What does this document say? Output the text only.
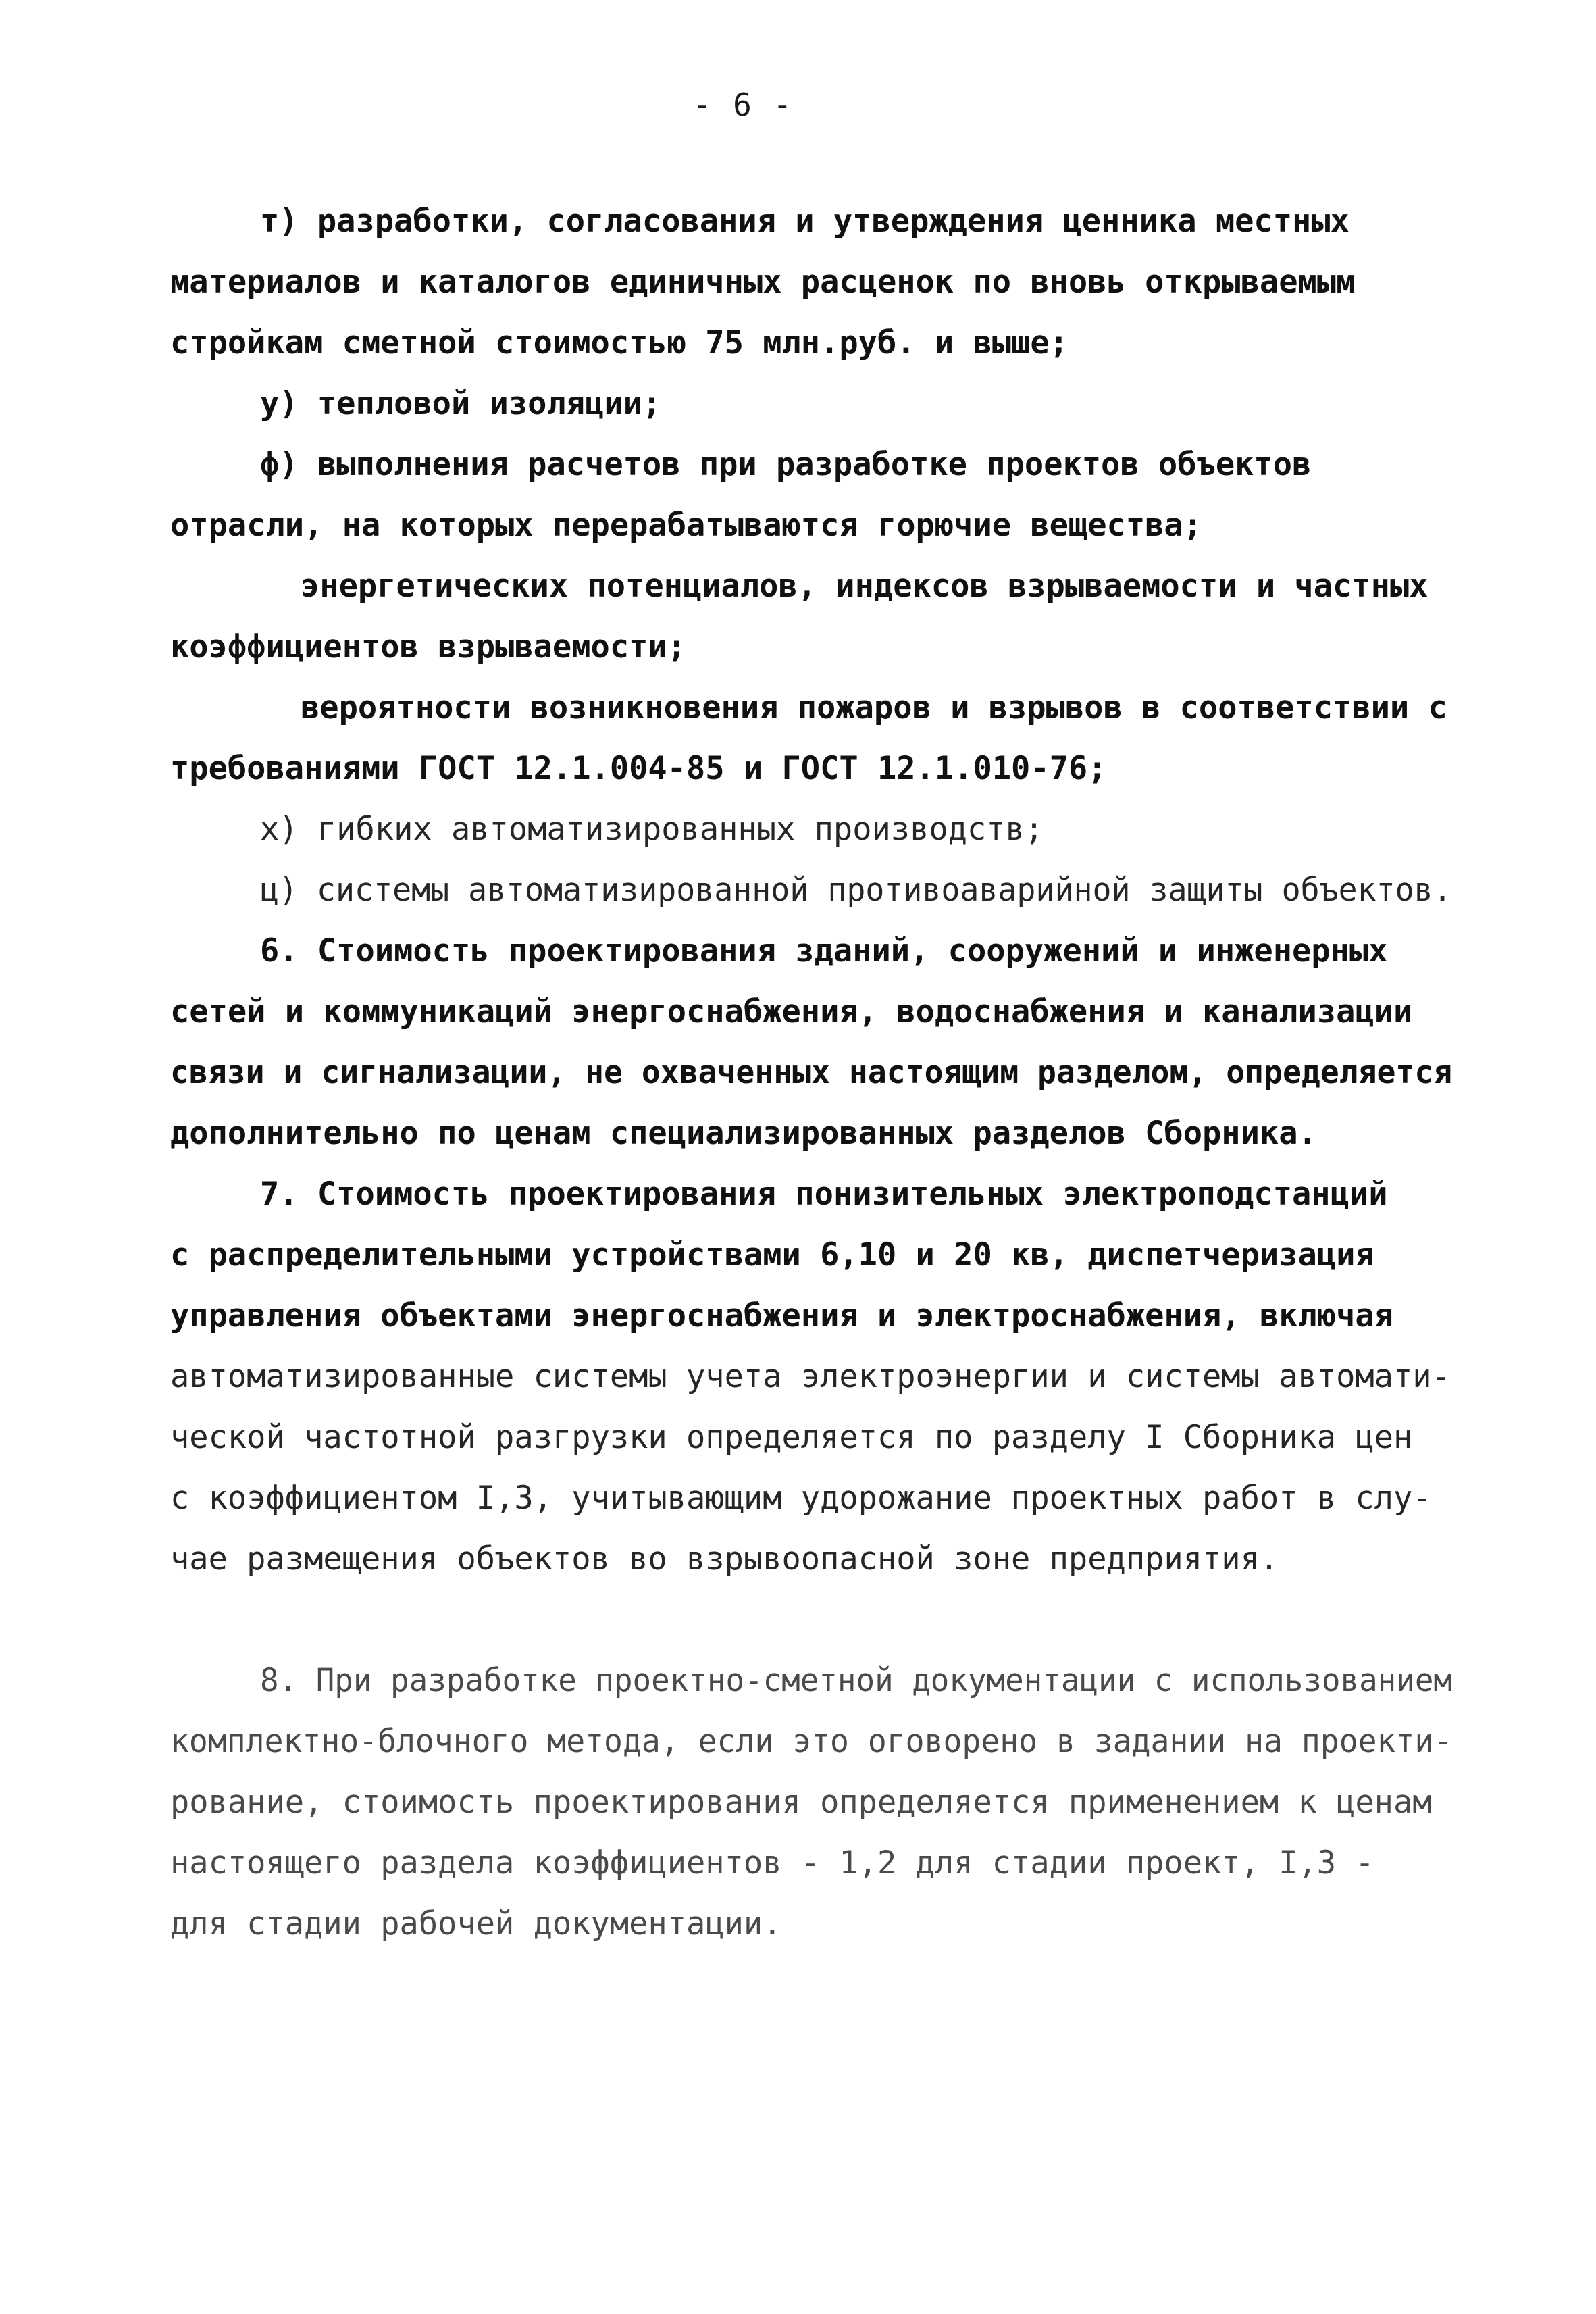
- 6 -
т) разработки, согласования и утверждения ценника местных
материалов и каталогов единичных расценок по вновь открываемым
стройкам сметной стоимостью 75 млн.руб. и выше;
у) тепловой изоляции;
ф) выполнения расчетов при разработке проектов объектов
отрасли, на которых перерабатываются горючие вещества;
энергетических потенциалов, индексов взрываемости и частных
коэффициентов взрываемости;
вероятности возникновения пожаров и взрывов в соответствии с
требованиями ГОСТ 12.1.004-85 и ГОСТ 12.1.010-76;
х) гибких автоматизированных производств;
ц) системы автоматизированной противоаварийной защиты объектов.
6. Стоимость проектирования зданий, сооружений и инженерных
сетей и коммуникаций энергоснабжения, водоснабжения и канализации
связи и сигнализации, не охваченных настоящим разделом, определяется
дополнительно по ценам специализированных разделов Сборника.
7. Стоимость проектирования понизительных электроподстанций
с распределительными устройствами 6,10 и 20 кв, диспетчеризация
управления объектами энергоснабжения и электроснабжения, включая
автоматизированные системы учета электроэнергии и системы автомати-
ческой частотной разгрузки определяется по разделу I Сборника цен
с коэффициентом I,3, учитывающим удорожание проектных работ в слу-
чае размещения объектов во взрывоопасной зоне предприятия.
8. При разработке проектно-сметной документации с использованием
комплектно-блочного метода, если это оговорено в задании на проекти-
рование, стоимость проектирования определяется применением к ценам
настоящего раздела коэффициентов - 1,2 для стадии проект, I,3 -
для стадии рабочей документации.
